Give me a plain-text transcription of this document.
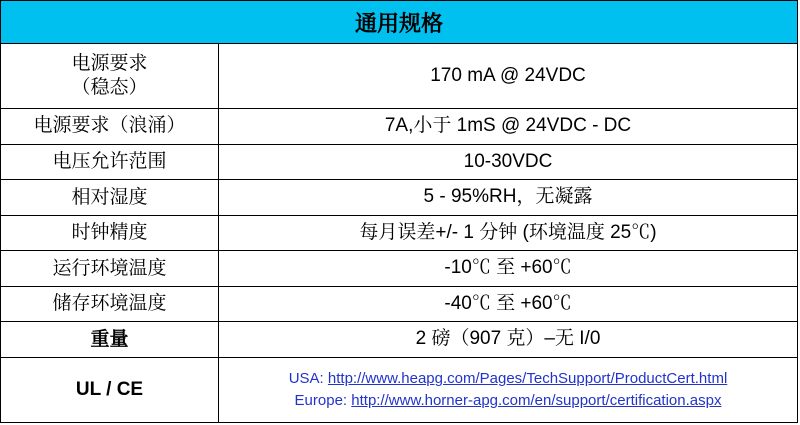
通用规格	

电源要求
（稳态）	170 mA @ 24VDC
电源要求（浪涌）	7A,小于 1mS @ 24VDC - DC
电压允许范围	10-30VDC
相对湿度	5 - 95%RH，无凝露
时钟精度	每月误差+/- 1 分钟 (环境温度 25℃)
运行环境温度	-10℃ 至 +60℃
储存环境温度	-40℃ 至 +60℃
重量	2 磅（907 克）–无 I/0
UL / CE	USA: http://www.heapg.com/Pages/TechSupport/ProductCert.html
Europe: http://www.horner-apg.com/en/support/certification.aspx
